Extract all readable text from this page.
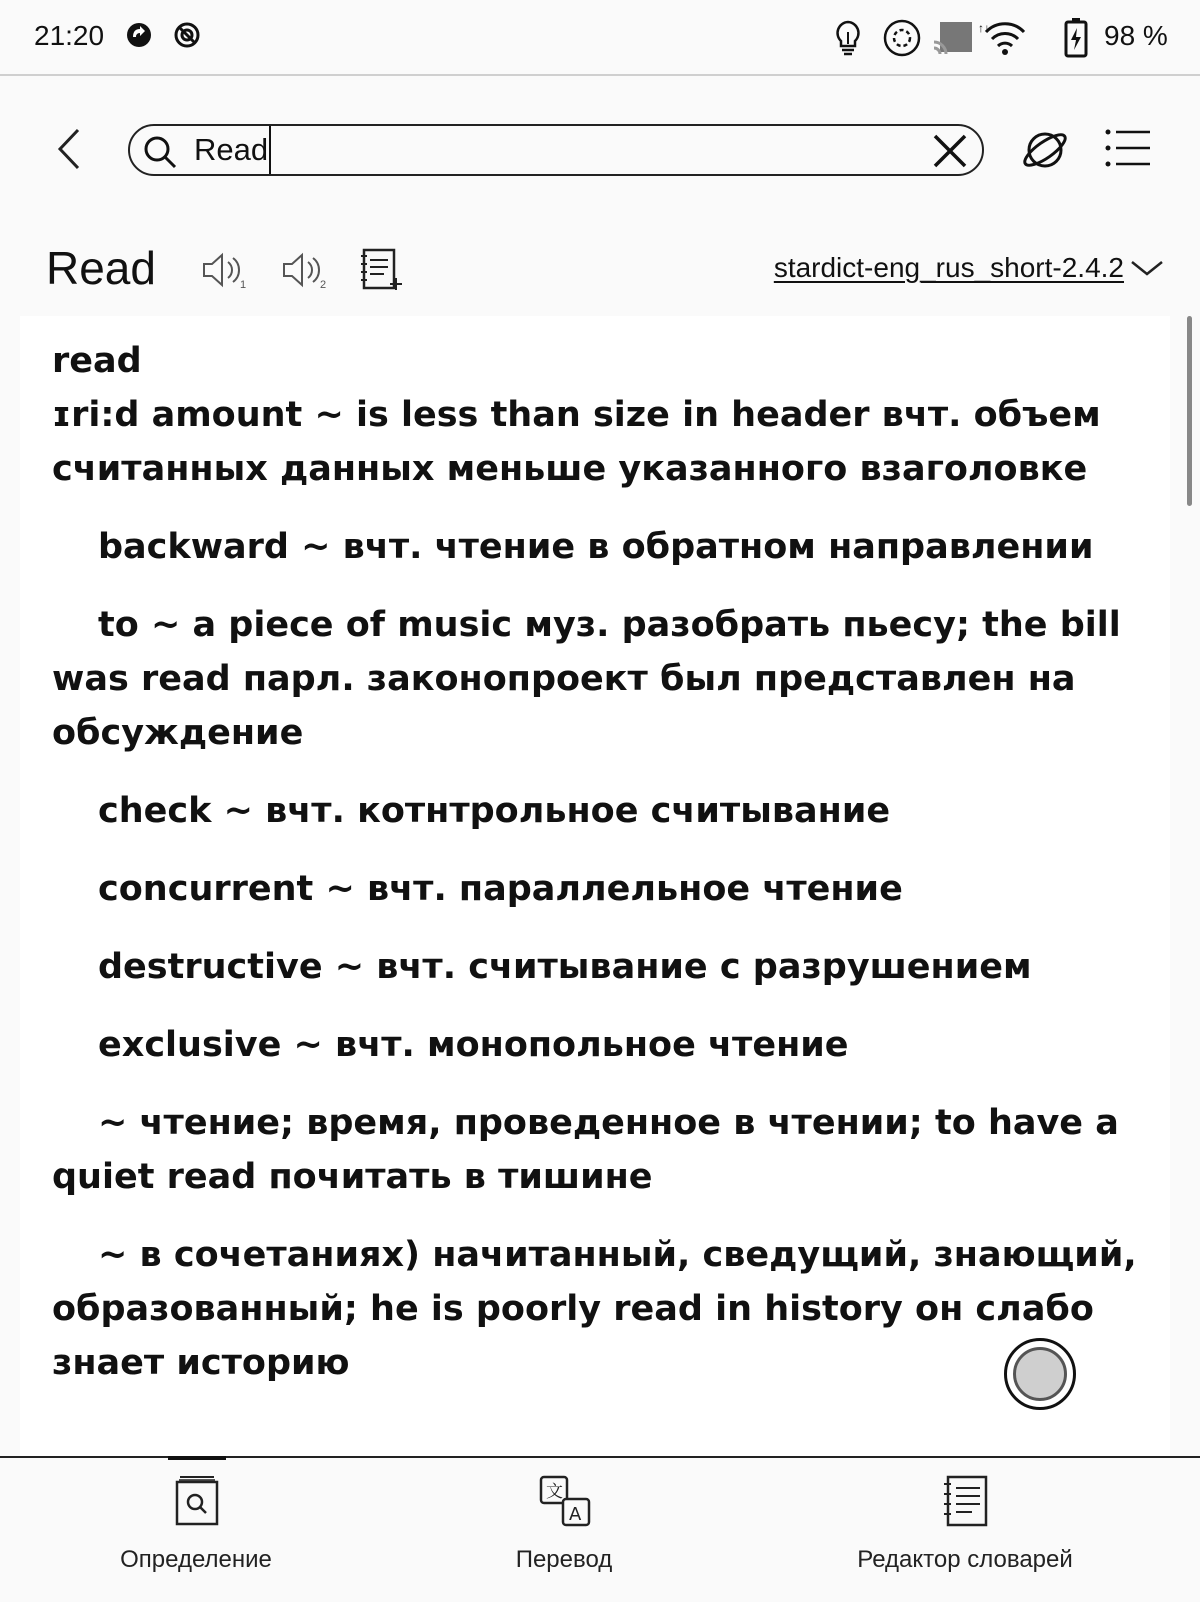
21:20	↑↓	98 %
Read
Read	1	2
stardict-eng_rus_short-2.4.2

read

ɪri:d amount ~ is less than size in header вчт. объем считанных данных меньше указанного взаголовке

backward ~ вчт. чтение в обратном направлении

to ~ a piece of music муз. разобрать пьесу; the bill was read парл. законопроект был представлен на обсуждение

check ~ вчт. котнтрольное считывание

concurrent ~ вчт. параллельное чтение

destructive ~ вчт. считывание с разрушением

exclusive ~ вчт. монопольное чтение

~ чтение; время, проведенное в чтении; to have a quiet read почитать в тишине

~ в сочетаниях) начитанный, сведущий, знающий, образованный; he is poorly read in history он слабо знает историю

Определение
文
A
Перевод	Редактор словарей
